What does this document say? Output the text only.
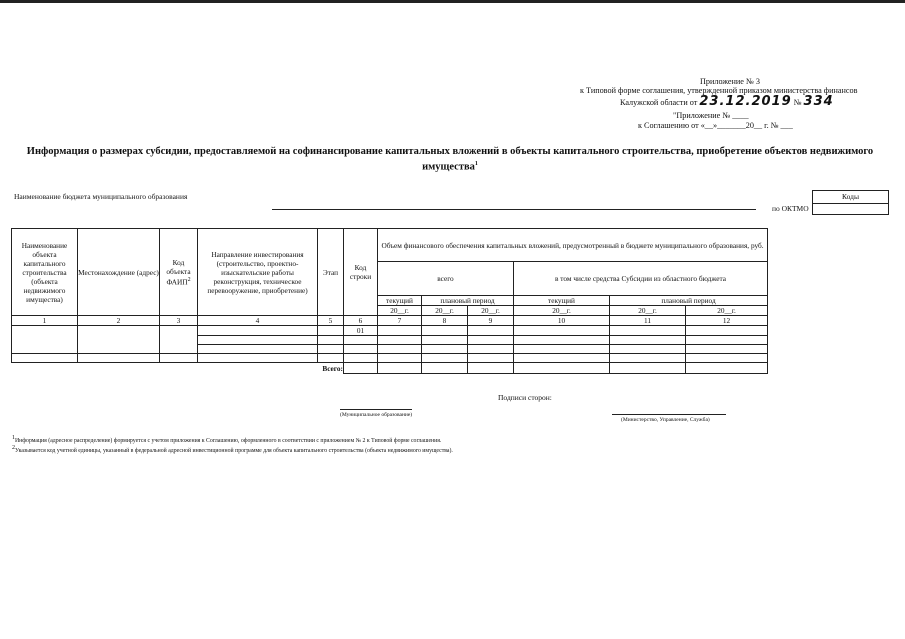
Приложение № 3
к Типовой форме соглашения, утвержденной приказом министерства финансов
Калужской области от 23.12.2019 № 334
"Приложение № ____
к Соглашению от «__»_______20__ г. № ___
Информация о размерах субсидии, предоставляемой на софинансирование капитальных вложений в объекты капитального строительства, приобретение объектов недвижимого имущества$^1$
Наименование бюджета муниципального образования
по ОКТМО
Коды
Наименование объекта капитального строительства (объекта недвижимого имущества)	Местонахождение (адрес)	Код объекта ФАИП$^2$	Направление инвестирования (строительство, проектно-изыскательские работы реконструкция, техническое перевооружение, приобретение)	Этап	Код строки	Объем финансового обеспечения капитальных вложений, предусмотренный в бюджете муниципального образования, руб.					
						всего			в том числе средства Субсидии из областного бюджета		
						текущий	плановый период		текущий	плановый период	
						20__г.	20__г.	20__г.	20__г.	20__г.	20__г.
1	2	3	4	5	6	7	8	9	10	11	12
					01						

Всего:											
Подписи сторон:
(Муниципальное образование)
(Министерство, Управление, Служба)
$^1$Информация (адресное распределение) формируется с учетом приложения к Соглашению, оформленного в соответствии с приложением № 2 к Типовой форме соглашения.
$^2$Указывается код учетной единицы, указанный в федеральной адресной инвестиционной программе для объекта капитального строительства (объекта недвижимого имущества).
